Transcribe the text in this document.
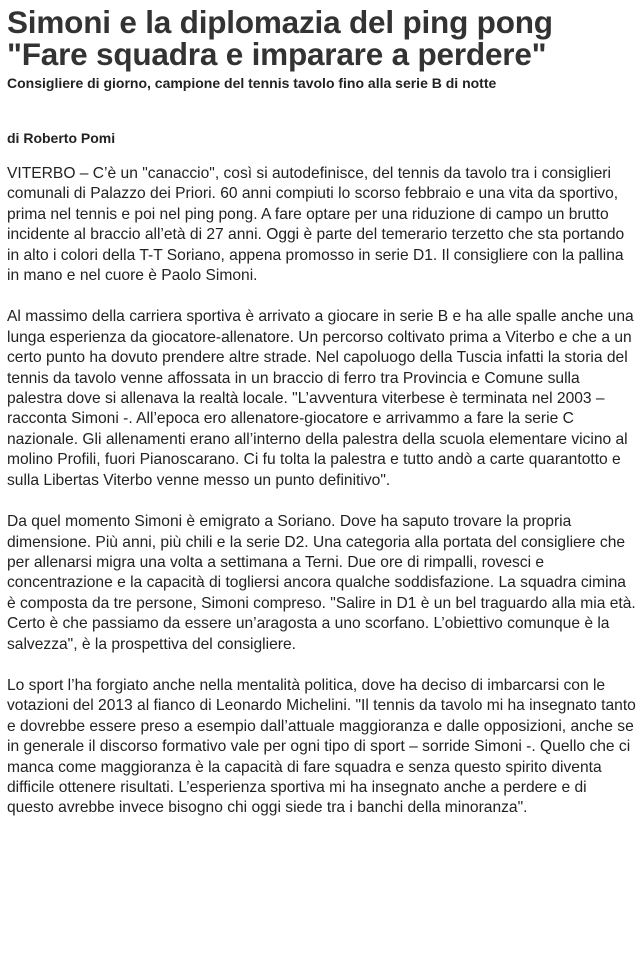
Simoni e la diplomazia del ping pong
"Fare squadra e imparare a perdere"
Consigliere di giorno, campione del tennis tavolo fino alla serie B di notte
di Roberto Pomi

VITERBO – C’è un "canaccio", così si autodefinisce, del tennis da tavolo tra i consiglieri comunali di Palazzo dei Priori. 60 anni compiuti lo scorso febbraio e una vita da sportivo, prima nel tennis e poi nel ping pong. A fare optare per una riduzione di campo un brutto incidente al braccio all’età di 27 anni. Oggi è parte del temerario terzetto che sta portando in alto i colori della T-T Soriano, appena promosso in serie D1. Il consigliere con la pallina in mano e nel cuore è Paolo Simoni.

Al massimo della carriera sportiva è arrivato a giocare in serie B e ha alle spalle anche una lunga esperienza da giocatore-allenatore. Un percorso coltivato prima a Viterbo e che a un certo punto ha dovuto prendere altre strade. Nel capoluogo della Tuscia infatti la storia del tennis da tavolo venne affossata in un braccio di ferro tra Provincia e Comune sulla palestra dove si allenava la realtà locale. "L’avventura viterbese è terminata nel 2003 – racconta Simoni -. All’epoca ero allenatore-giocatore e arrivammo a fare la serie C nazionale. Gli allenamenti erano all’interno della palestra della scuola elementare vicino al molino Profili, fuori Pianoscarano. Ci fu tolta la palestra e tutto andò a carte quarantotto e sulla Libertas Viterbo venne messo un punto definitivo".

Da quel momento Simoni è emigrato a Soriano. Dove ha saputo trovare la propria dimensione. Più anni, più chili e la serie D2. Una categoria alla portata del consigliere che per allenarsi migra una volta a settimana a Terni. Due ore di rimpalli, rovesci e concentrazione e la capacità di togliersi ancora qualche soddisfazione. La squadra cimina è composta da tre persone, Simoni compreso. "Salire in D1 è un bel traguardo alla mia età. Certo è che passiamo da essere un’aragosta a uno scorfano. L’obiettivo comunque è la salvezza", è la prospettiva del consigliere.

Lo sport l’ha forgiato anche nella mentalità politica, dove ha deciso di imbarcarsi con le votazioni del 2013 al fianco di Leonardo Michelini. "Il tennis da tavolo mi ha insegnato tanto e dovrebbe essere preso a esempio dall’attuale maggioranza e dalle opposizioni, anche se in generale il discorso formativo vale per ogni tipo di sport – sorride Simoni -. Quello che ci manca come maggioranza è la capacità di fare squadra e senza questo spirito diventa difficile ottenere risultati. L’esperienza sportiva mi ha insegnato anche a perdere e di questo avrebbe invece bisogno chi oggi siede tra i banchi della minoranza".
